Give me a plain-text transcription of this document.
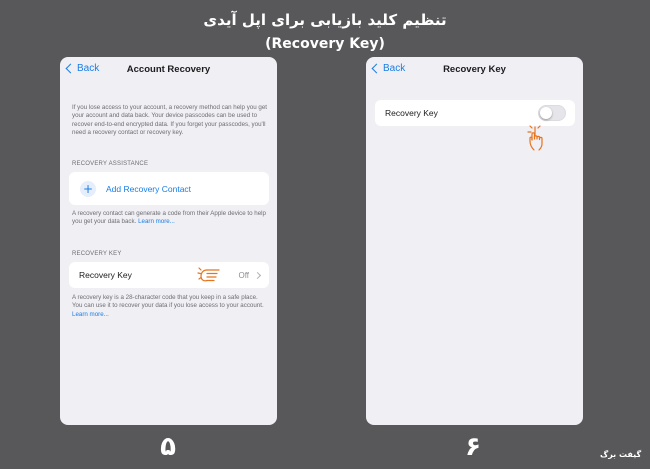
تنظیم کلید بازیابی برای اپل آیدی
(Recovery Key)
Back	Account Recovery
If you lose access to your account, a recovery method can help you get your account and data back. Your device passcodes can be used to recover end-to-end encrypted data. If you forget your passcodes, you'll need a recovery contact or recovery key.
RECOVERY ASSISTANCE
+	Add Recovery Contact
A recovery contact can generate a code from their Apple device to help you get your data back. Learn more...
RECOVERY KEY
Recovery Key	Off
A recovery key is a 28-character code that you keep in a safe place. You can use it to recover your data if you lose access to your account. Learn more...
Back	Recovery Key
Recovery Key
۵	۶	گیفت برگ
